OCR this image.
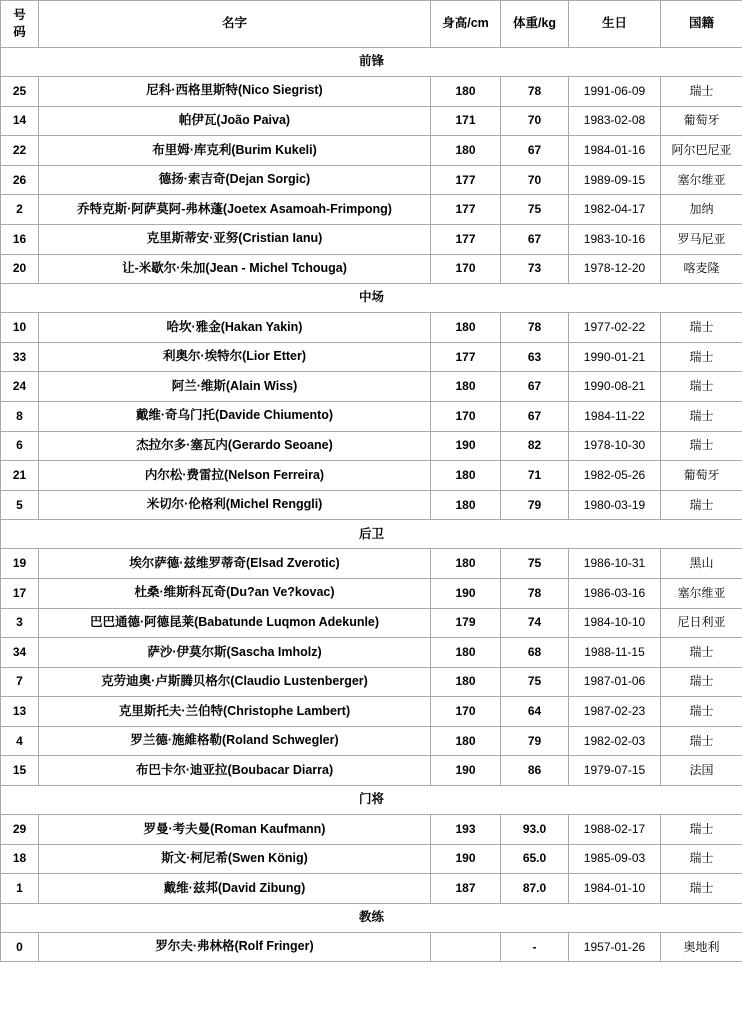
号
码	名字	身高/cm	体重/kg	生日	国籍
前锋					
25	尼科·西格里斯特(Nico Siegrist)	180	78	1991-06-09	瑞士
14	帕伊瓦(João Paiva)	171	70	1983-02-08	葡萄牙
22	布里姆·库克利(Burim Kukeli)	180	67	1984-01-16	阿尔巴尼亚
26	德扬·索吉奇(Dejan Sorgic)	177	70	1989-09-15	塞尔维亚
2	乔特克斯·阿萨莫阿-弗林蓬(Joetex Asamoah-Frimpong)	177	75	1982-04-17	加纳
16	克里斯蒂安·亚努(Cristian Ianu)	177	67	1983-10-16	罗马尼亚
20	让-米歇尔·朱加(Jean - Michel Tchouga)	170	73	1978-12-20	喀麦隆
中场					
10	哈坎·雅金(Hakan Yakin)	180	78	1977-02-22	瑞士
33	利奥尔·埃特尔(Lior Etter)	177	63	1990-01-21	瑞士
24	阿兰·维斯(Alain Wiss)	180	67	1990-08-21	瑞士
8	戴维·奇乌门托(Davide Chiumento)	170	67	1984-11-22	瑞士
6	杰拉尔多·塞瓦内(Gerardo Seoane)	190	82	1978-10-30	瑞士
21	内尔松·费雷拉(Nelson Ferreira)	180	71	1982-05-26	葡萄牙
5	米切尔·伦格利(Michel Renggli)	180	79	1980-03-19	瑞士
后卫					
19	埃尔萨德·兹维罗蒂奇(Elsad Zverotic)	180	75	1986-10-31	黑山
17	杜桑·维斯科瓦奇(Du?an Ve?kovac)	190	78	1986-03-16	塞尔维亚
3	巴巴通德·阿德昆莱(Babatunde Luqmon Adekunle)	179	74	1984-10-10	尼日利亚
34	萨沙·伊莫尔斯(Sascha Imholz)	180	68	1988-11-15	瑞士
7	克劳迪奥·卢斯腾贝格尔(Claudio Lustenberger)	180	75	1987-01-06	瑞士
13	克里斯托夫·兰伯特(Christophe Lambert)	170	64	1987-02-23	瑞士
4	罗兰德·施維格勒(Roland Schwegler)	180	79	1982-02-03	瑞士
15	布巴卡尔·迪亚拉(Boubacar Diarra)	190	86	1979-07-15	法国
门将					
29	罗曼·考夫曼(Roman Kaufmann)	193	93.0	1988-02-17	瑞士
18	斯文·柯尼希(Swen König)	190	65.0	1985-09-03	瑞士
1	戴维·兹邦(David Zibung)	187	87.0	1984-01-10	瑞士
教练					
0	罗尔夫·弗林格(Rolf Fringer)		-	1957-01-26	奥地利
